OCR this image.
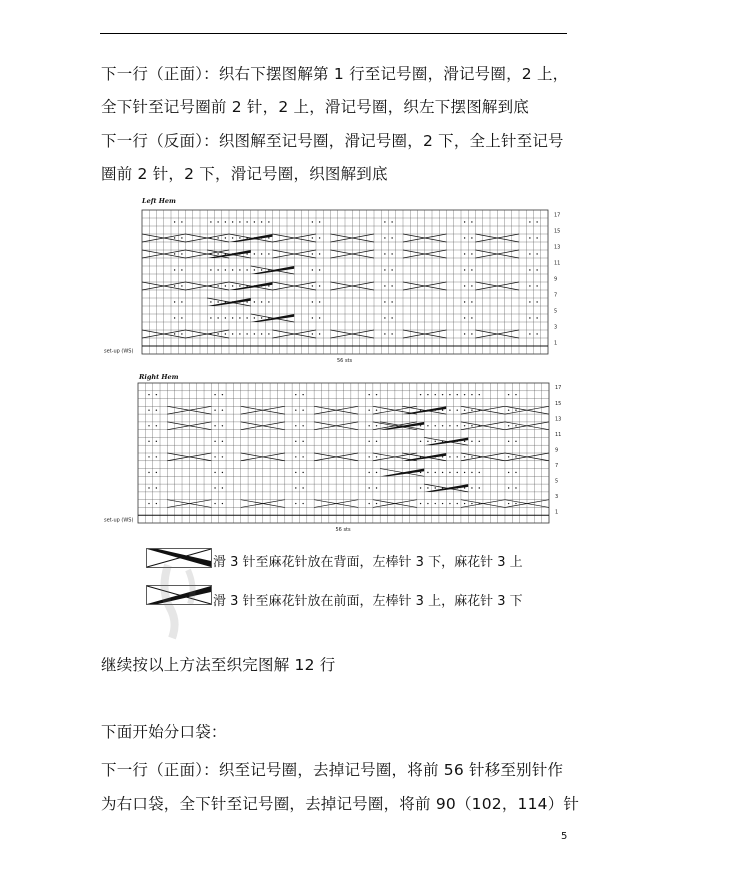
下一行（正面）：织右下摆图解第 1 行至记号圈，滑记号圈，2 上，
全下针至记号圈前 2 针，2 上，滑记号圈，织左下摆图解到底
下一行（反面）：织图解至记号圈，滑记号圈，2 下，全上针至记号
圈前 2 针，2 下，滑记号圈，织图解到底
Left Hem
17
15
13
11
9
7
5
3
1
set-up (WS)
56 sts
Right Hem
17
15
13
11
9
7
5
3
1
set-up (WS)
56 sts
滑 3 针至麻花针放在背面，左棒针 3 下，麻花针 3 上
滑 3 针至麻花针放在前面，左棒针 3 上，麻花针 3 下
继续按以上方法至织完图解 12 行
下面开始分口袋：
下一行（正面）：织至记号圈，去掉记号圈，将前 56 针移至别针作
为右口袋，全下针至记号圈，去掉记号圈，将前 90（102，114）针
5
